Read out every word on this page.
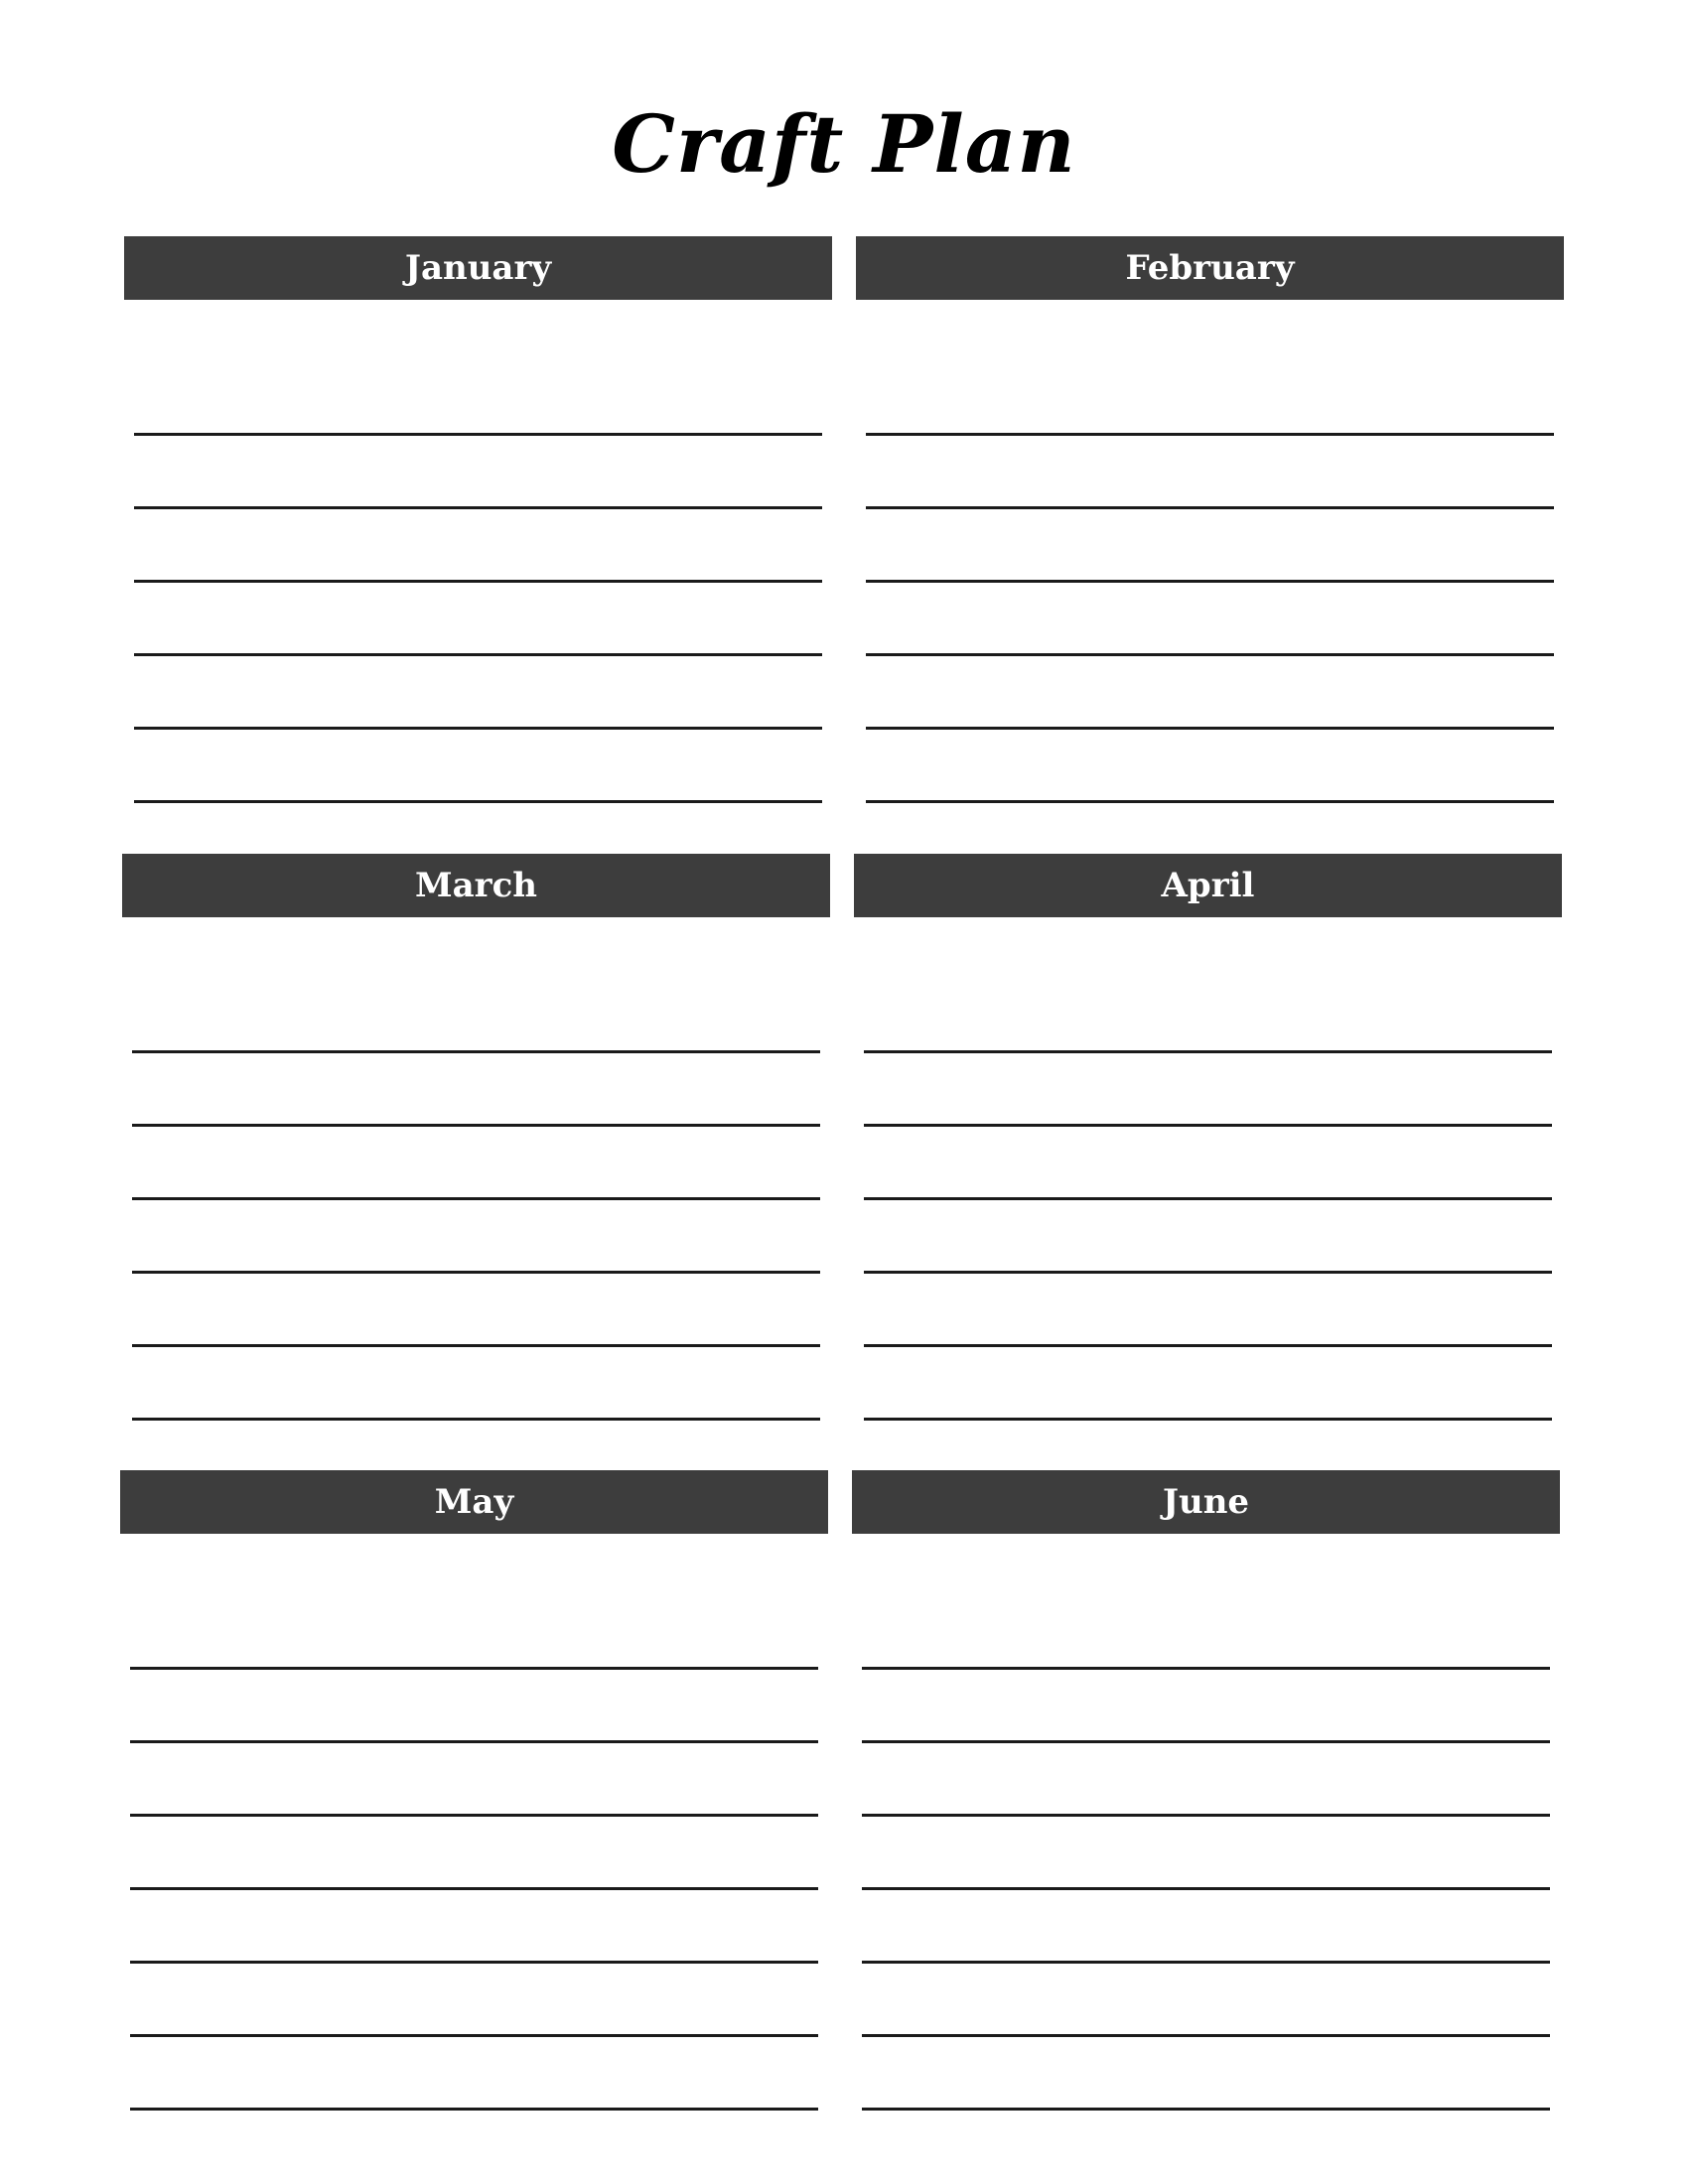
Craft Plan
January	February
March	April
May	June
